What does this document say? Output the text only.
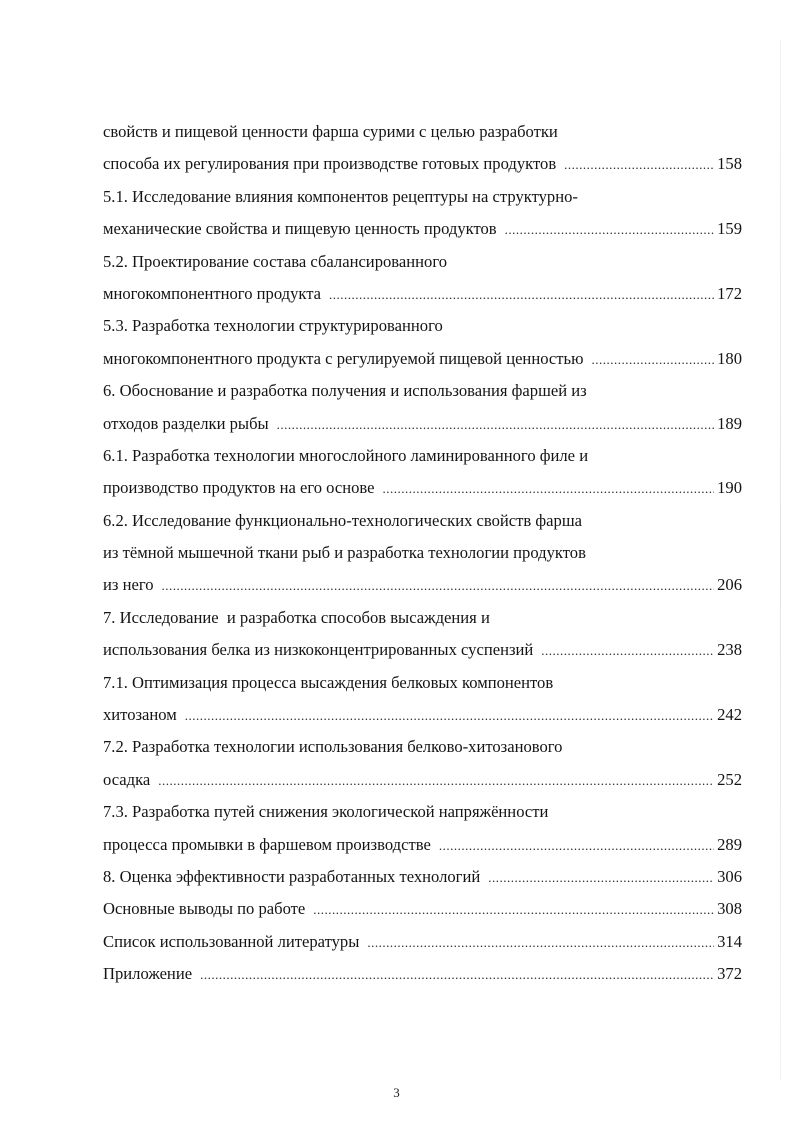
свойств и пищевой ценности фарша сурими с целью разработки
способа их регулирования при производстве готовых продуктов .....	158
5.1. Исследование влияния компонентов рецептуры на структурно-
механические свойства и пищевую ценность продуктов .....	159
5.2. Проектирование состава сбалансированного
многокомпонентного продукта .....	172
5.3. Разработка технологии структурированного
многокомпонентного продукта с регулируемой пищевой ценностью .....	180
6. Обоснование и разработка получения и использования фаршей из
отходов разделки рыбы .....	189
6.1. Разработка технологии многослойного ламинированного филе и
производство продуктов на его основе .....	190
6.2. Исследование функционально-технологических свойств фарша
из тёмной мышечной ткани рыб и разработка технологии продуктов
из него .....	206
7. Исследование  и разработка способов высаждения и
использования белка из низкоконцентрированных суспензий .....	238
7.1. Оптимизация процесса высаждения белковых компонентов
хитозаном .....	242
7.2. Разработка технологии использования белково-хитозанового
осадка .....	252
7.3. Разработка путей снижения экологической напряжённости
процесса промывки в фаршевом производстве .....	289
8. Оценка эффективности разработанных технологий .....	306
Основные выводы по работе .....	308
Список использованной литературы .....	314
Приложение .....	372
3
